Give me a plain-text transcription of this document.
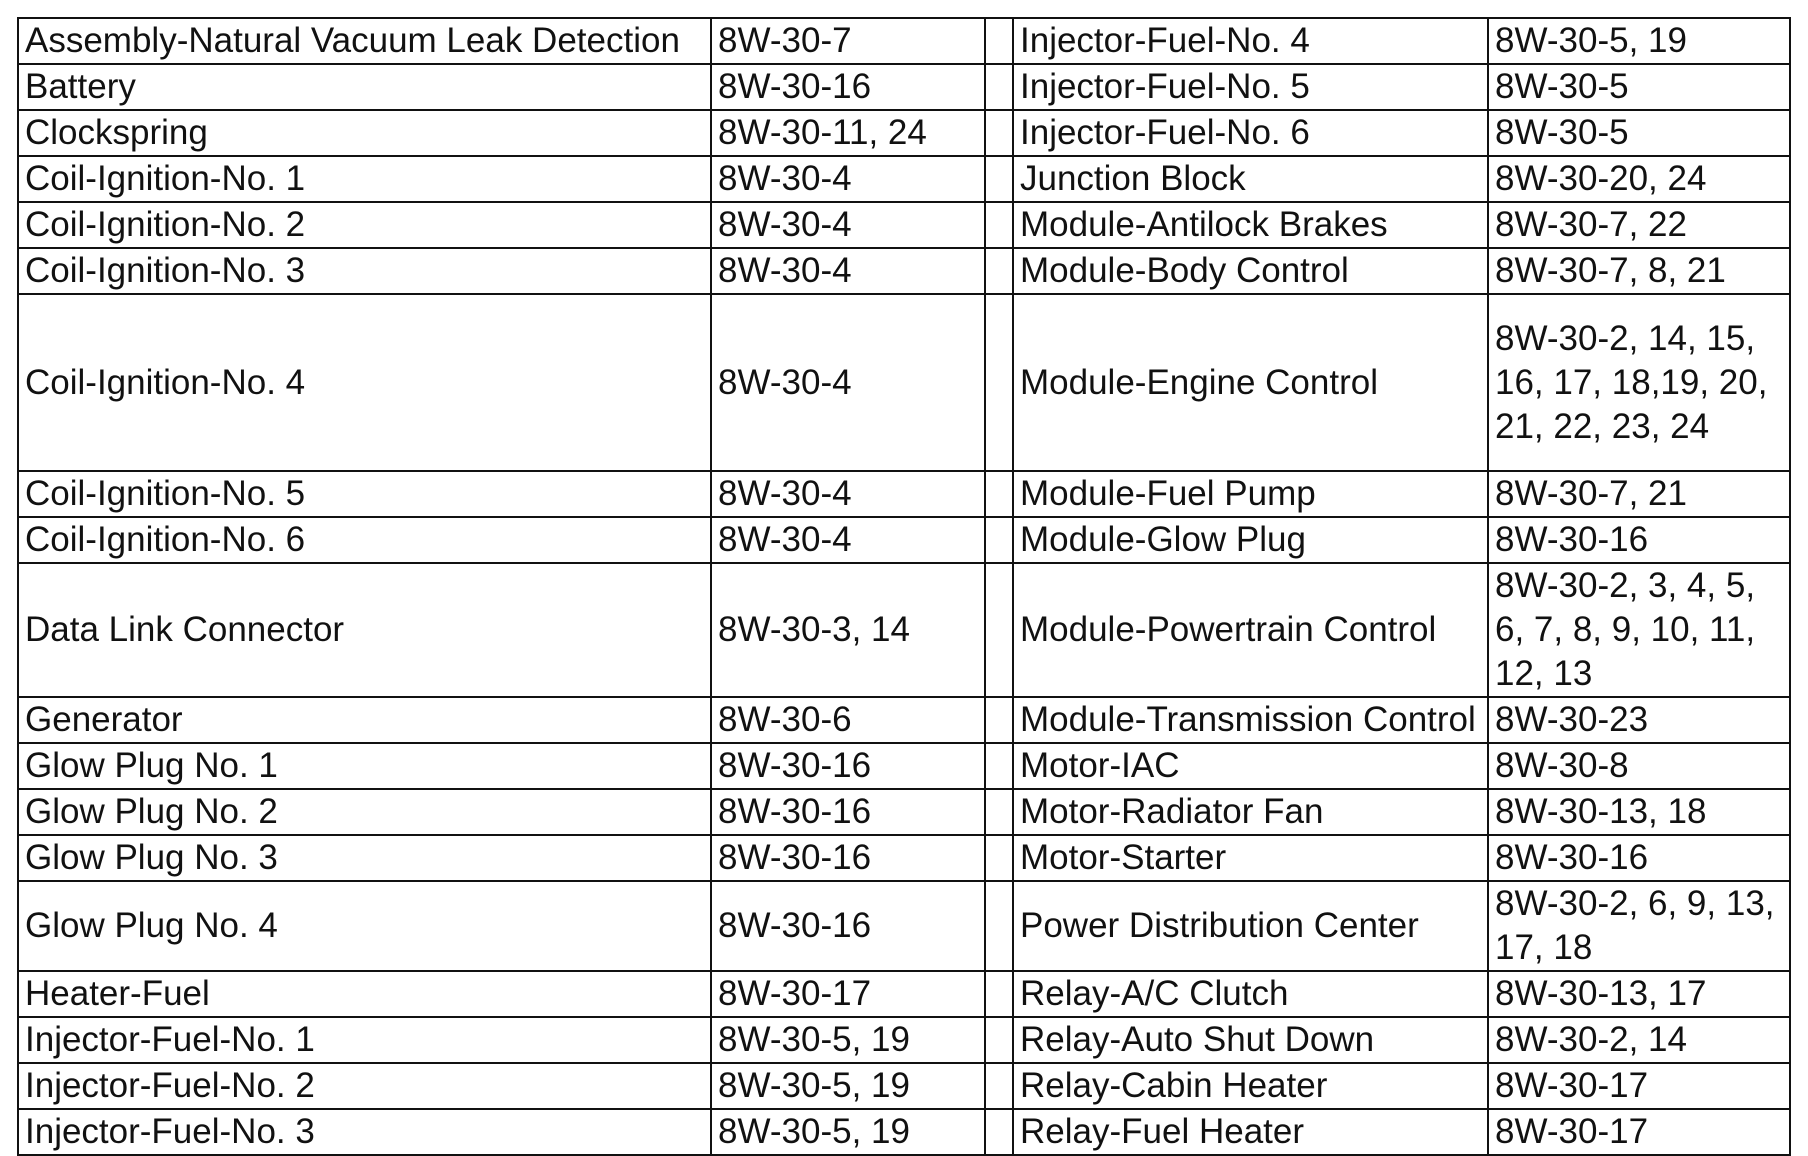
Assembly-Natural Vacuum Leak Detection	8W-30-7		Injector-Fuel-No. 4	8W-30-5, 19
Battery	8W-30-16		Injector-Fuel-No. 5	8W-30-5
Clockspring	8W-30-11, 24		Injector-Fuel-No. 6	8W-30-5
Coil-Ignition-No. 1	8W-30-4		Junction Block	8W-30-20, 24
Coil-Ignition-No. 2	8W-30-4		Module-Antilock Brakes	8W-30-7, 22
Coil-Ignition-No. 3	8W-30-4		Module-Body Control	8W-30-7, 8, 21
Coil-Ignition-No. 4	8W-30-4		Module-Engine Control	8W-30-2, 14, 15, 16, 17, 18,19, 20, 21, 22, 23, 24
Coil-Ignition-No. 5	8W-30-4		Module-Fuel Pump	8W-30-7, 21
Coil-Ignition-No. 6	8W-30-4		Module-Glow Plug	8W-30-16
Data Link Connector	8W-30-3, 14		Module-Powertrain Control	8W-30-2, 3, 4, 5, 6, 7, 8, 9, 10, 11, 12, 13
Generator	8W-30-6		Module-Transmission Control	8W-30-23
Glow Plug No. 1	8W-30-16		Motor-IAC	8W-30-8
Glow Plug No. 2	8W-30-16		Motor-Radiator Fan	8W-30-13, 18
Glow Plug No. 3	8W-30-16		Motor-Starter	8W-30-16
Glow Plug No. 4	8W-30-16		Power Distribution Center	8W-30-2, 6, 9, 13, 17, 18
Heater-Fuel	8W-30-17		Relay-A/C Clutch	8W-30-13, 17
Injector-Fuel-No. 1	8W-30-5, 19		Relay-Auto Shut Down	8W-30-2, 14
Injector-Fuel-No. 2	8W-30-5, 19		Relay-Cabin Heater	8W-30-17
Injector-Fuel-No. 3	8W-30-5, 19		Relay-Fuel Heater	8W-30-17
